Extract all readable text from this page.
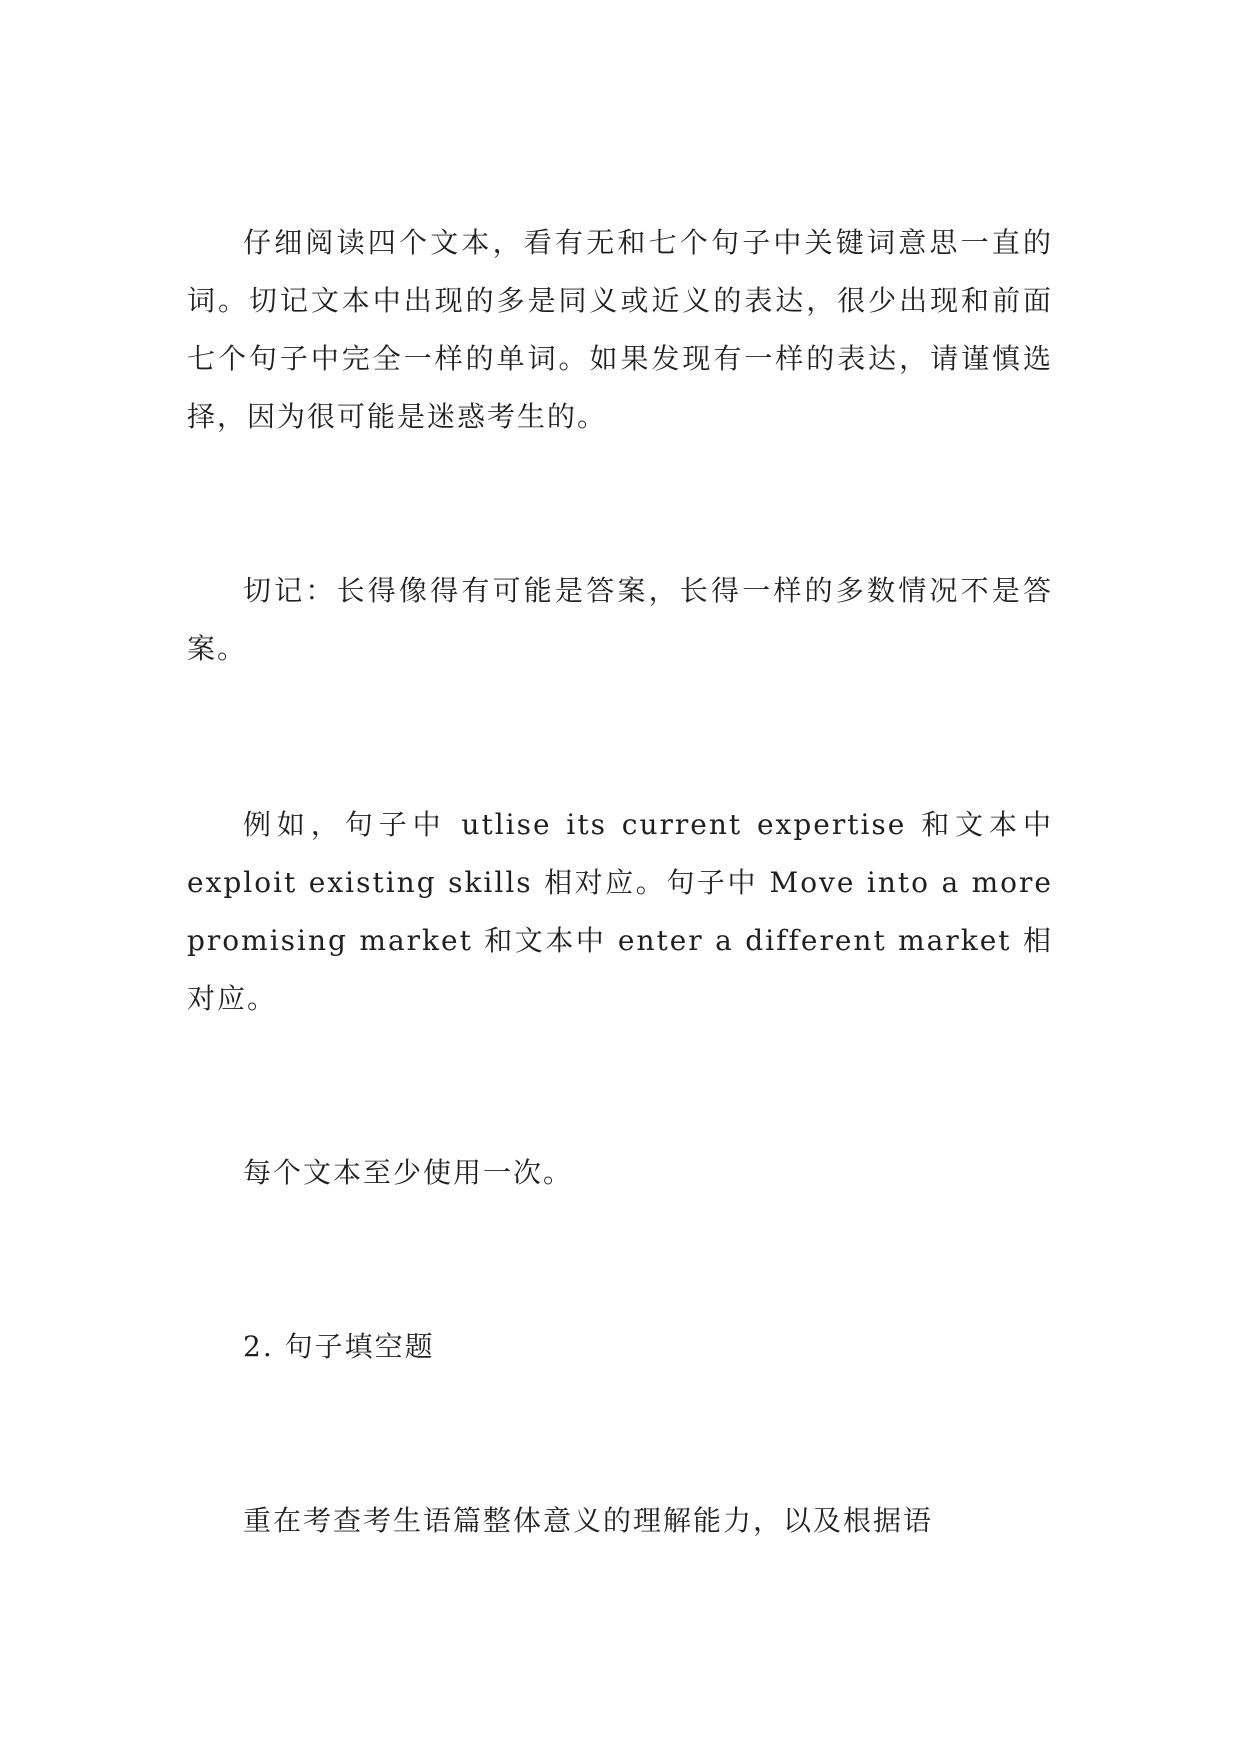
仔细阅读四个文本，看有无和七个句子中关键词意思一直的词。切记文本中出现的多是同义或近义的表达，很少出现和前面七个句子中完全一样的单词。如果发现有一样的表达，请谨慎选择，因为很可能是迷惑考生的。

切记：长得像得有可能是答案，长得一样的多数情况不是答案。

例如，句子中 utlise its current expertise 和文本中 exploit existing skills 相对应。句子中 Move into a more promising market 和文本中 enter a different market 相对应。

每个文本至少使用一次。

2. 句子填空题

重在考查考生语篇整体意义的理解能力，以及根据语
